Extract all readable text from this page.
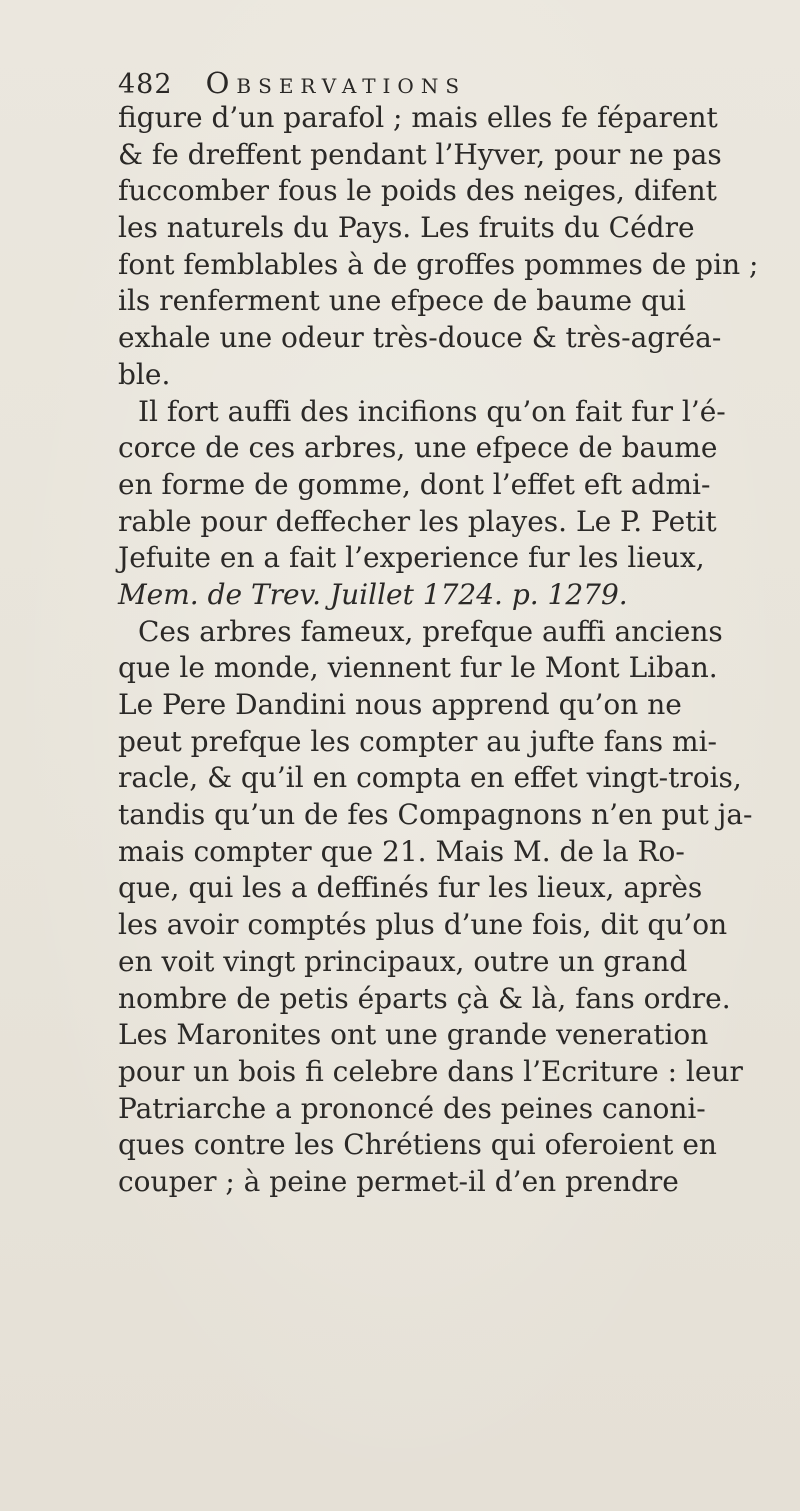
482 Observations
figure d’un parafol ; mais elles fe féparent
& fe dreffent pendant l’Hyver, pour ne pas
fuccomber fous le poids des neiges, difent
les naturels du Pays. Les fruits du Cédre
font femblables à de groffes pommes de pin ;
ils renferment une efpece de baume qui
exhale une odeur très-douce & très-agréa-
ble.
Il fort auffi des incifions qu’on fait fur l’é-
corce de ces arbres, une efpece de baume
en forme de gomme, dont l’effet eft admi-
rable pour deffecher les playes. Le P. Petit
Jefuite en a fait l’experience fur les lieux,
Mem. de Trev. Juillet 1724. p. 1279.
Ces arbres fameux, prefque auffi anciens
que le monde, viennent fur le Mont Liban.
Le Pere Dandini nous apprend qu’on ne
peut prefque les compter au jufte fans mi-
racle, & qu’il en compta en effet vingt-trois,
tandis qu’un de fes Compagnons n’en put ja-
mais compter que 21. Mais M. de la Ro-
que, qui les a deffinés fur les lieux, après
les avoir comptés plus d’une fois, dit qu’on
en voit vingt principaux, outre un grand
nombre de petis éparts çà & là, fans ordre.
Les Maronites ont une grande veneration
pour un bois fi celebre dans l’Ecriture : leur
Patriarche a prononcé des peines canoni-
ques contre les Chrétiens qui oferoient en
couper ; à peine permet-il d’en prendre
